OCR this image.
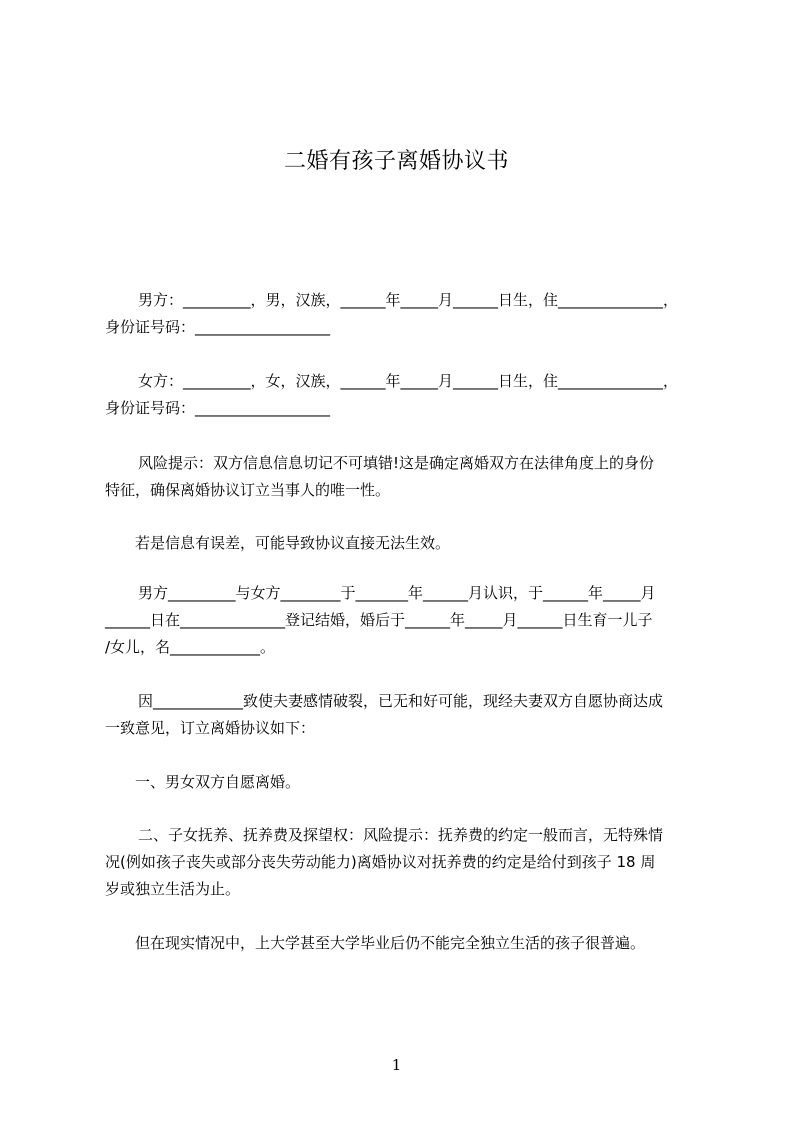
二婚有孩子离婚协议书
男方：_________，男，汉族，______年_____月______日生，住______________，
身份证号码：__________________
女方：_________，女，汉族，______年_____月______日生，住______________，
身份证号码：__________________
风险提示：双方信息信息切记不可填错!这是确定离婚双方在法律角度上的身份
特征，确保离婚协议订立当事人的唯一性。
若是信息有误差，可能导致协议直接无法生效。
男方_________与女方________于_______年______月认识，于______年_____月
______日在______________登记结婚，婚后于______年_____月______日生育一儿子
/女儿，名____________。
因____________致使夫妻感情破裂，已无和好可能，现经夫妻双方自愿协商达成
一致意见，订立离婚协议如下：
一、男女双方自愿离婚。
二、子女抚养、抚养费及探望权：风险提示：抚养费的约定一般而言，无特殊情
况(例如孩子丧失或部分丧失劳动能力)离婚协议对抚养费的约定是给付到孩子 18 周
岁或独立生活为止。
但在现实情况中，上大学甚至大学毕业后仍不能完全独立生活的孩子很普遍。
1
